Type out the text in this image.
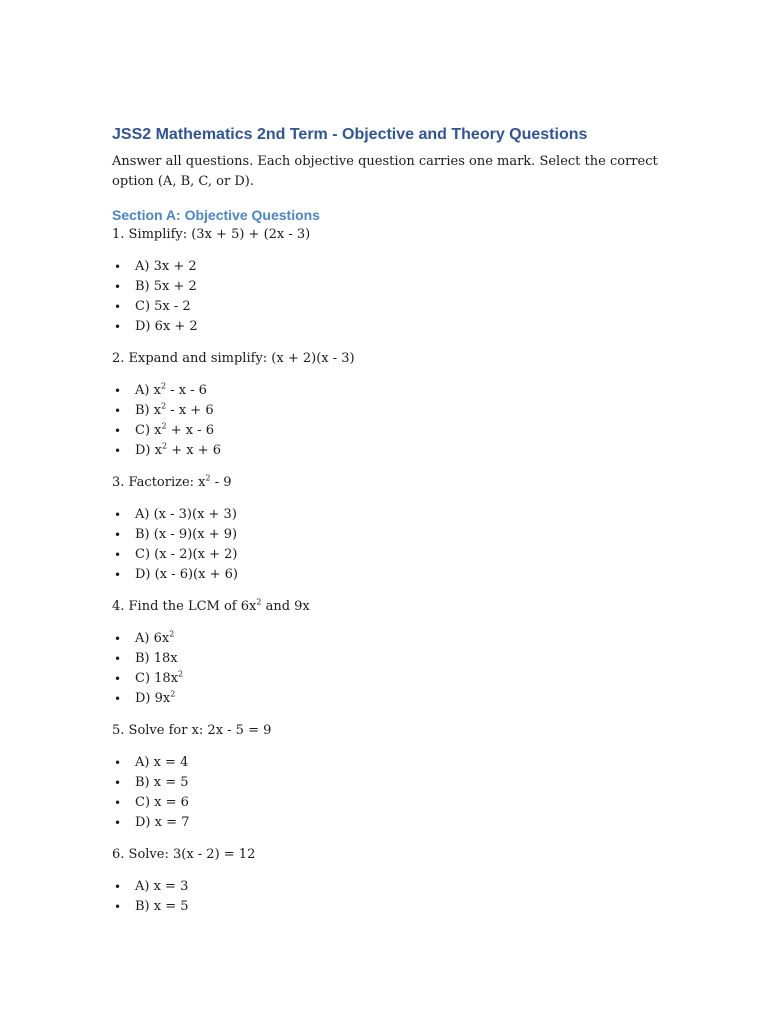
JSS2 Mathematics 2nd Term - Objective and Theory Questions

Answer all questions. Each objective question carries one mark. Select the correct option (A, B, C, or D).

Section A: Objective Questions

1. Simplify: (3x + 5) + (2x - 3)

• A) 3x + 2
• B) 5x + 2
• C) 5x - 2
• D) 6x + 2

2. Expand and simplify: (x + 2)(x - 3)

• A) $x^2$ - x - 6
• B) $x^2 - x + 6$
• C) $x^2 + x - 6$
• D) $x^2 + x + 6$

3. Factorize: $x^2 - 9$

• A) (x - 3)(x + 3)
• B) (x - 9)(x + 9)
• C) (x - 2)(x + 2)
• D) (x - 6)(x + 6)

4. Find the LCM of $6x^2$ and 9x

• A) $6x^2$
• B) 18x
• C) $18x^2$
• D) $9x^2$

5. Solve for x: 2x - 5 = 9

• A) x = 4
• B) x = 5
• C) x = 6
• D) x = 7

6. Solve: 3(x - 2) = 12

• A) x = 3
• B) x = 5
